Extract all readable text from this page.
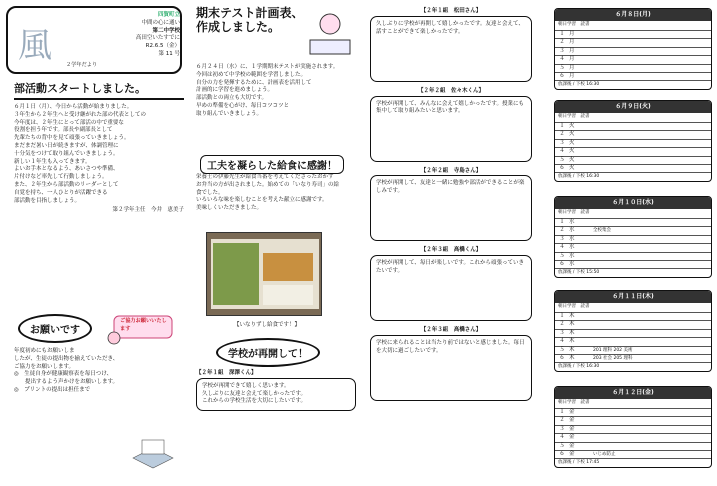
風
四賀町立
中間の心に通い
第二中学校
高田空いたすでに
R2.6.5（金）
第 11 号
２学年だより
部活動スタートしました。
６月１日（月）、今日から活動が始まりました。
３年生から２年生へと受け継がれた部の代表としての
今年度は、２年生にとって部活の中で重要な
役割を担う年です。部長や副部長として
先輩たちの背中を見て頑張っていきましょう。
まだまだ暑い日が続きますが、体調管理に
十分気をつけて取り組んでいきましょう。
新しい１年生も入ってきます。
よいお手本となるよう、あいさつや準備、
片付けなど率先して行動しましょう。
また、２年生から部活動のリーダーとして
自覚を持ち、一人ひとりが活躍できる
部活動を目指しましょう。
第２学年主任　今井　恵美子
お願いです
ご協力お願いいたします
年度初めにもお願いしま
したが、生徒の提出物を揃えていただき、
ご協力をお願いします。
◎　生徒自身が健康観察表を毎日つけ、
　　提出するよう声かけをお願いします。
◎　プリントの提出は担任まで
期末テスト計画表、作成しました。
６月２４日（水）に、１学期期末テストが実施されます。
今回は初めて中学校の範囲を学習しました。
自分の力を発揮するために、計画表を活用して
計画的に学習を進めましょう。
部活動との両立も大切です。
早めの準備を心がけ、毎日コツコツと
取り組んでいきましょう。
工夫を凝らした給食に感謝！
栄養士の伊藤先生が給食当番を考えてくださったおかず
お弁当の方が出されました。始めての「いなり寿司」の給
食でした。
いろいろな味を楽しむことを考えた献立に感謝です。
美味しくいただきました。
【いなりずし給食です！】
学校が再開して！
【２年１組　深澤くん】
学校が再開できて嬉しく思います。
久しぶりに友達と会えて楽しかったです。
これからの学校生活を大切にしたいです。
【２年１組　松田さん】
久しぶりに学校が再開して嬉しかったです。友達と会えて、話すことができて楽しかったです。
【２年２組　佐々木くん】
学校が再開して、みんなに会えて嬉しかったです。授業にも集中して取り組みたいと思います。
【２年２組　寺島さん】
学校が再開して、友達と一緒に勉強や部活ができることが楽しみです。
【２年３組　高橋くん】
学校が再開して、毎日が楽しいです。これから頑張っていきたいです。
【２年３組　高橋さん】
学校に来られることは当たり前ではないと感じました。毎日を大切に過ごしたいです。
６月８日(月)
朝日学習　読書
１ 月
２ 月
３ 月
４ 月
５ 月
６ 月
放課後 / 下校 16:30
６月９日(火)
朝日学習　読書
１ 火
２ 火
３ 火
４ 火
５ 火
６ 火
放課後 / 下校 16:30
６月１０日(水)
朝日学習　読書
１ 水
２ 水	全校集会
３ 水
４ 水
５ 水
６ 水
放課後 / 下校 15:50
６月１１日(木)
朝日学習　読書
１ 木
２ 木
３ 木
４ 木
５ 木	201 理科 202 美術
６ 木	203 社会 205 理科
放課後 / 下校 16:30
６月１２日(金)
朝日学習　読書
１ 金
２ 金
３ 金
４ 金
５ 金
６ 金	いじめ防止
放課後 / 下校 17:45
